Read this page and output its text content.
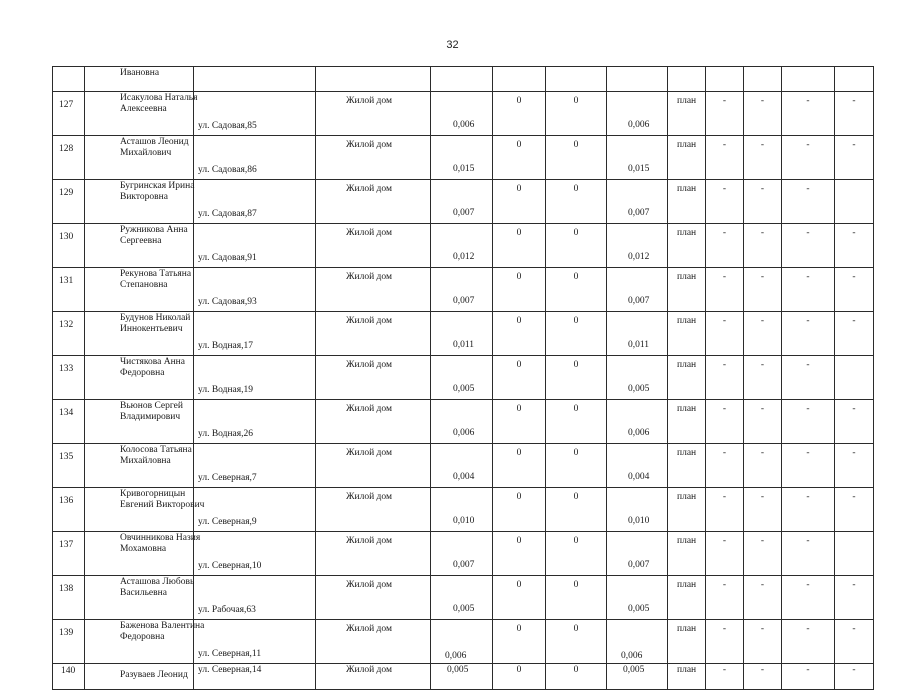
32
	Ивановна											
127	Исакулова Наталья
Алексеевна	ул. Садовая,85	Жилой дом	0,006	0	0	0,006	план	-	-	-	-
128	Асташов Леонид
Михайлович	ул. Садовая,86	Жилой дом	0,015	0	0	0,015	план	-	-	-	-
129	Бугринская Ирина
Викторовна	ул. Садовая,87	Жилой дом	0,007	0	0	0,007	план	-	-	-	
130	Ружникова Анна
Сергеевна	ул. Садовая,91	Жилой дом	0,012	0	0	0,012	план	-	-	-	-
131	Рекунова Татьяна
Степановна	ул. Садовая,93	Жилой дом	0,007	0	0	0,007	план	-	-	-	-
132	Будунов Николай
Иннокентьевич	ул. Водная,17	Жилой дом	0,011	0	0	0,011	план	-	-	-	-
133	Чистякова Анна
Федоровна	ул. Водная,19	Жилой дом	0,005	0	0	0,005	план	-	-	-	
134	Вьюнов Сергей
Владимирович	ул. Водная,26	Жилой дом	0,006	0	0	0,006	план	-	-	-	-
135	Колосова Татьяна
Михайловна	ул. Северная,7	Жилой дом	0,004	0	0	0,004	план	-	-	-	-
136	Кривогорницын
Евгений Викторович	ул. Северная,9	Жилой дом	0,010	0	0	0,010	план	-	-	-	-
137	Овчинникова Назия
Мохамовна	ул. Северная,10	Жилой дом	0,007	0	0	0,007	план	-	-	-	
138	Асташова Любовь
Васильевна	ул. Рабочая,63	Жилой дом	0,005	0	0	0,005	план	-	-	-	-
139	Баженова Валентина
Федоровна	ул. Северная,11	Жилой дом	0,006	0	0	0,006	план	-	-	-	-
140	Разуваев Леонид	ул. Северная,14	Жилой дом	0,005	0	0	0,005	план	-	-	-	-
